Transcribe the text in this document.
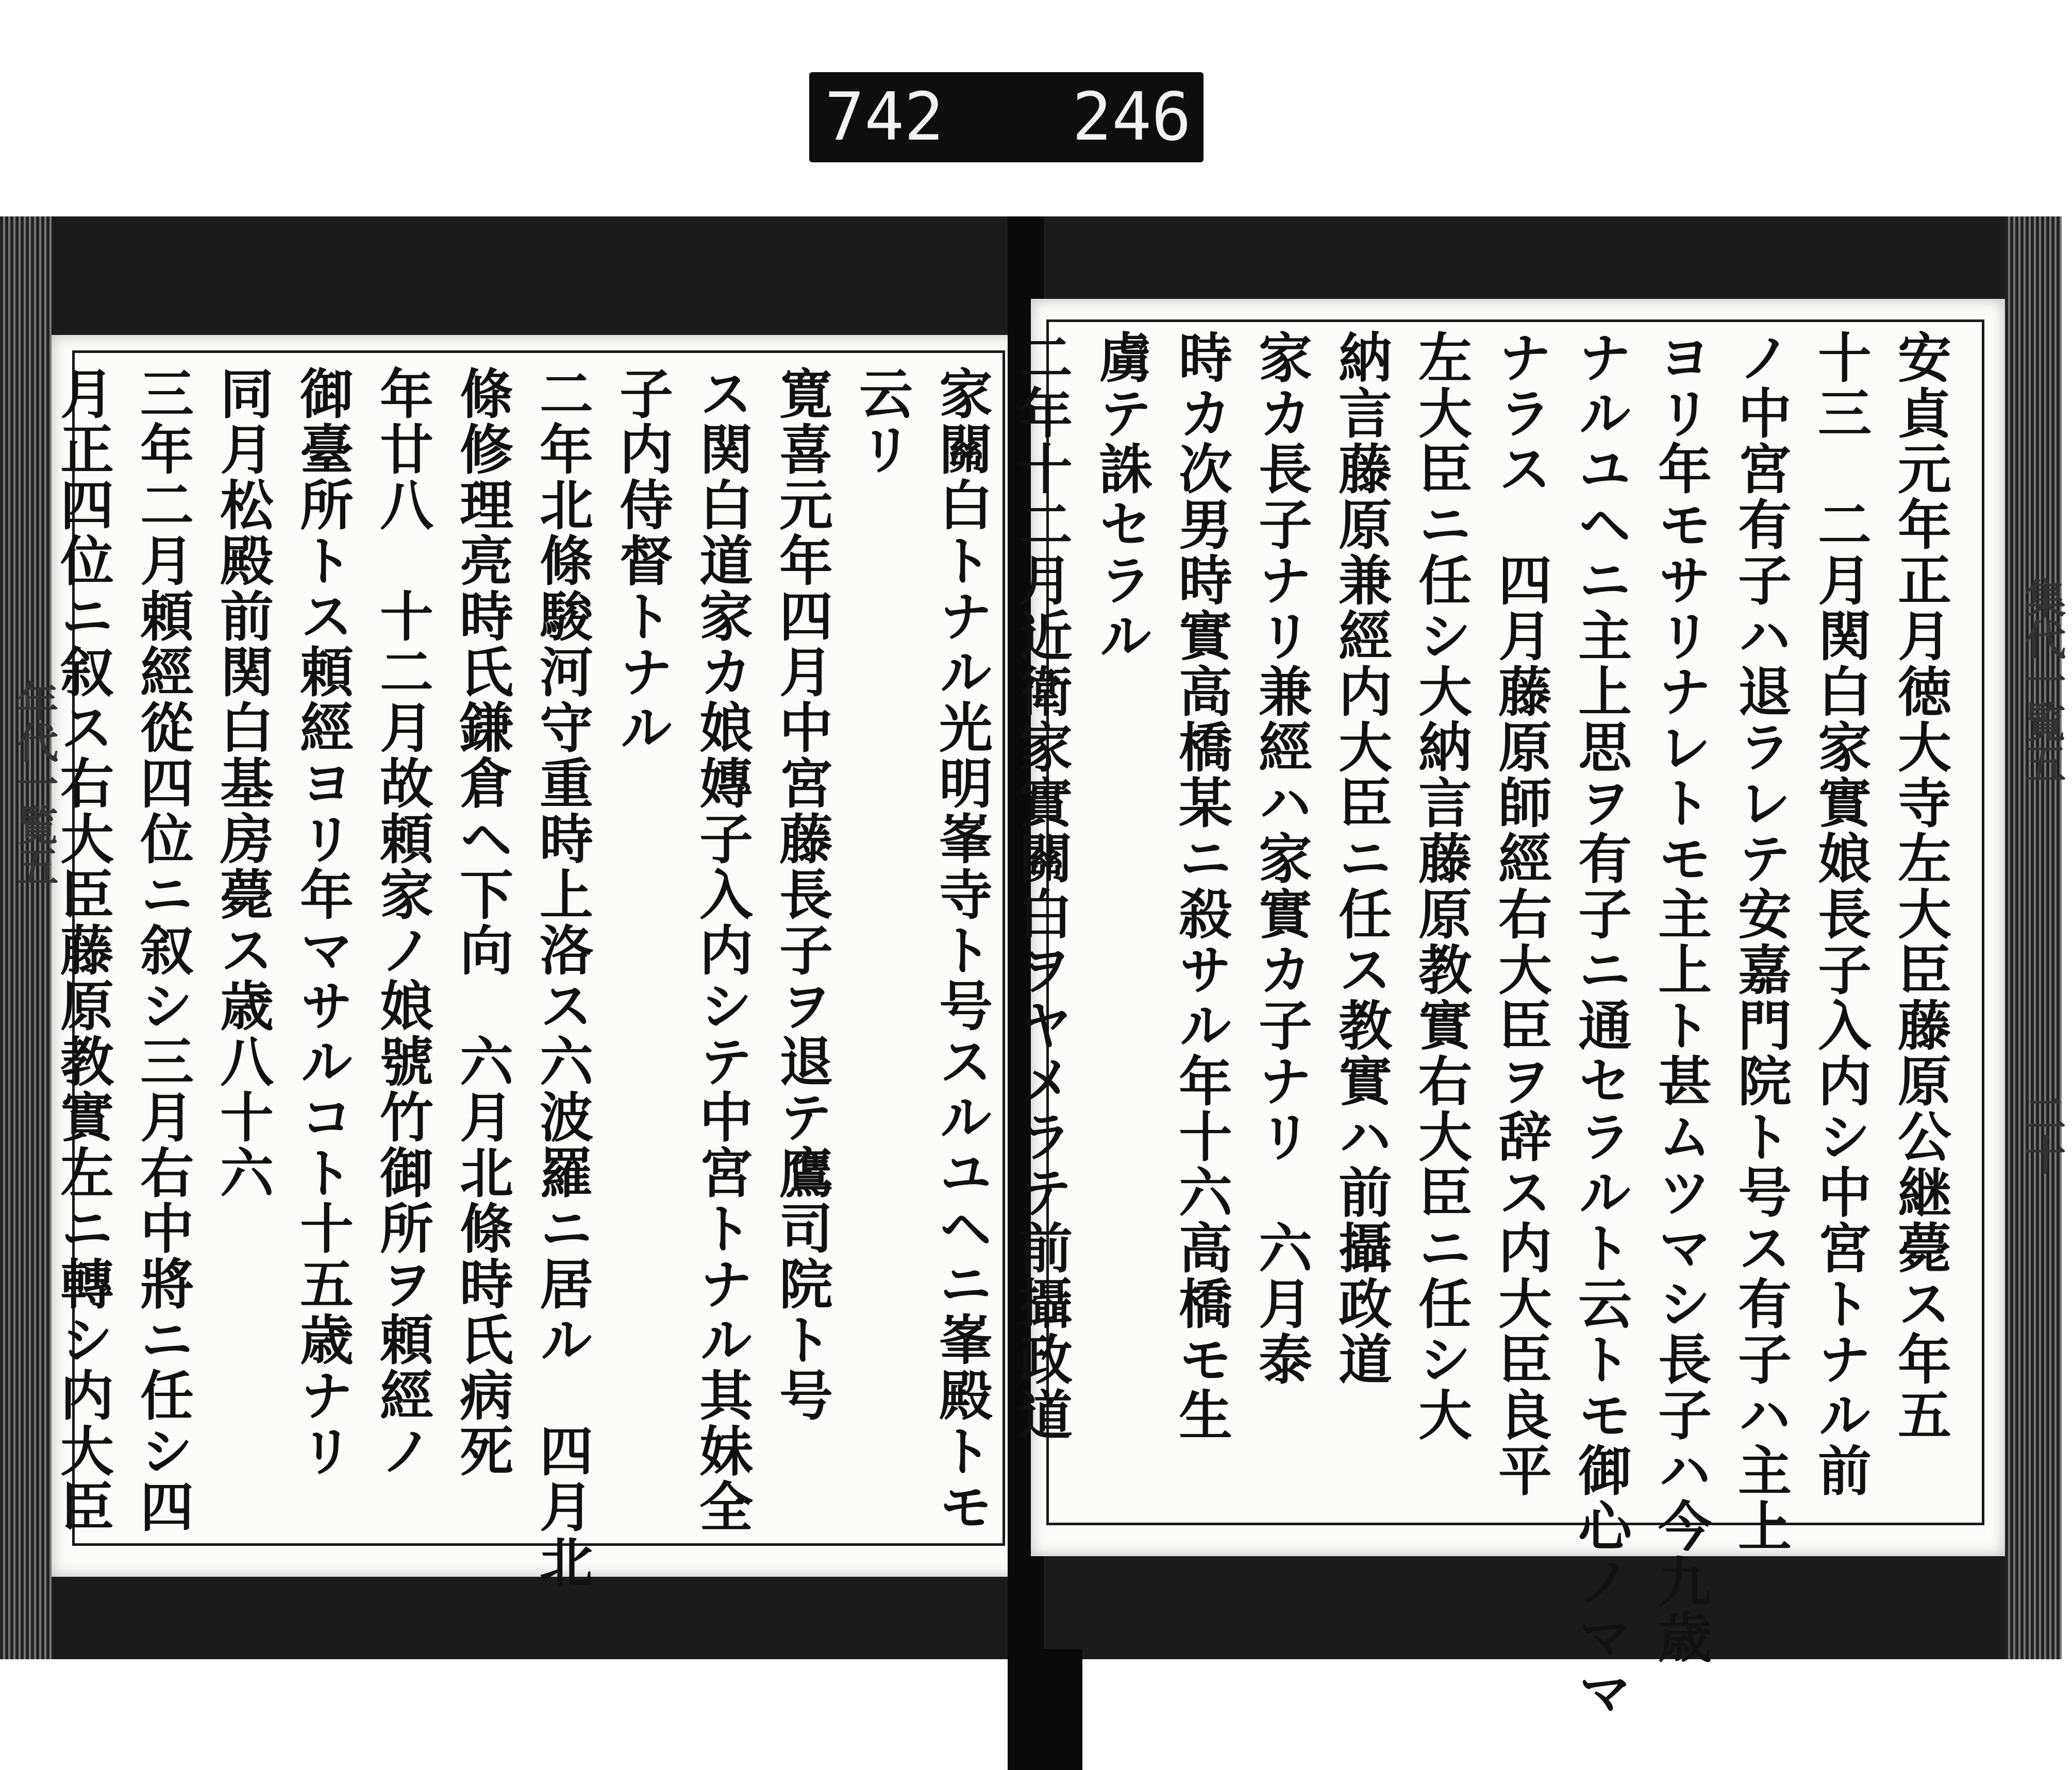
742 246
家關白トナル光明峯寺ト号スルユヘニ峯殿トモ
云リ
寛喜元年四月中宮藤長子ヲ退テ鷹司院ト号
ス関白道家カ娘嫥子入内シテ中宮トナル其妹全
子内侍督トナル
二年北條駿河守重時上洛ス六波羅ニ居ル　四月北
條修理亮時氏鎌倉ヘ下向　六月北條時氏病死
年廿八　十二月故頼家ノ娘號竹御所ヲ頼經ノ
御臺所トス頼經ヨリ年マサルコト十五歳ナリ
同月松殿前関白基房薨ス歳八十六
三年二月頼經從四位ニ叙シ三月右中將ニ任シ四
月正四位ニ叙ス右大臣藤原教實左ニ轉シ内大臣	安貞元年正月徳大寺左大臣藤原公継薨ス年五
十三　二月関白家實娘長子入内シ中宮トナル前
ノ中宮有子ハ退ラレテ安嘉門院ト号ス有子ハ主上
ヨリ年モサリナレトモ主上ト甚ムツマシ長子ハ今九歳
ナルユヘニ主上思ヲ有子ニ通セラルト云トモ御心ノママ
ナラス　四月藤原師經右大臣ヲ辞ス内大臣良平
左大臣ニ任シ大納言藤原教實右大臣ニ任シ大
納言藤原兼經内大臣ニ任ス教實ハ前攝政道
家カ長子ナリ兼經ハ家實カ子ナリ　六月泰
時カ次男時實高橋某ニ殺サル年十六高橋モ生
虜テ誅セラル
二年十二月近衛家實關白ヲヤメラテ前攝政道	集代一覧五
二十
年代一覧五
